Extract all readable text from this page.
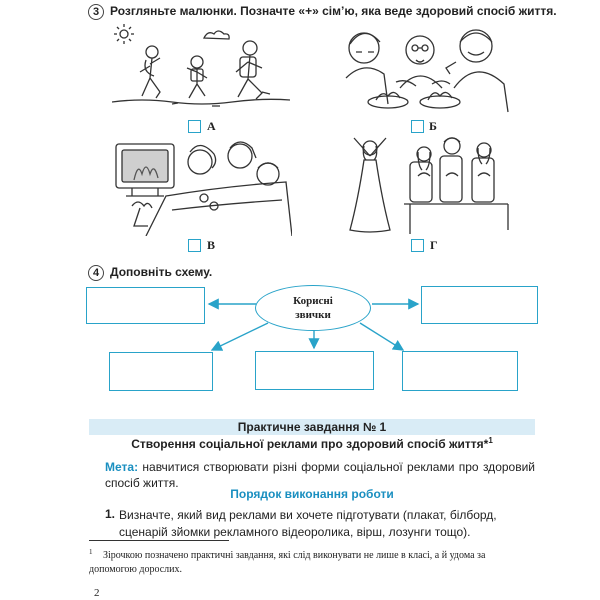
3 Розгляньте малюнки. Позначте «+» сім’ю, яка веде здоровий спосіб життя.
А	Б
В	Г
4 Доповніть схему.
Корисні
звички
Практичне завдання № 1
Створення соціальної реклами про здоровий спосіб життя*$^1$
Мета: навчитися створювати різні форми соціальної реклами про здоровий спосіб життя.
Порядок виконання роботи
1. Визначте, який вид реклами ви хочете підготувати (плакат, білборд, сценарій зйомки рекламного відеоролика, вірш, лозунги тощо).
$^1$ Зірочкою позначено практичні завдання, які слід виконувати не лише в класі, а й удома за допомогою дорослих.
2
